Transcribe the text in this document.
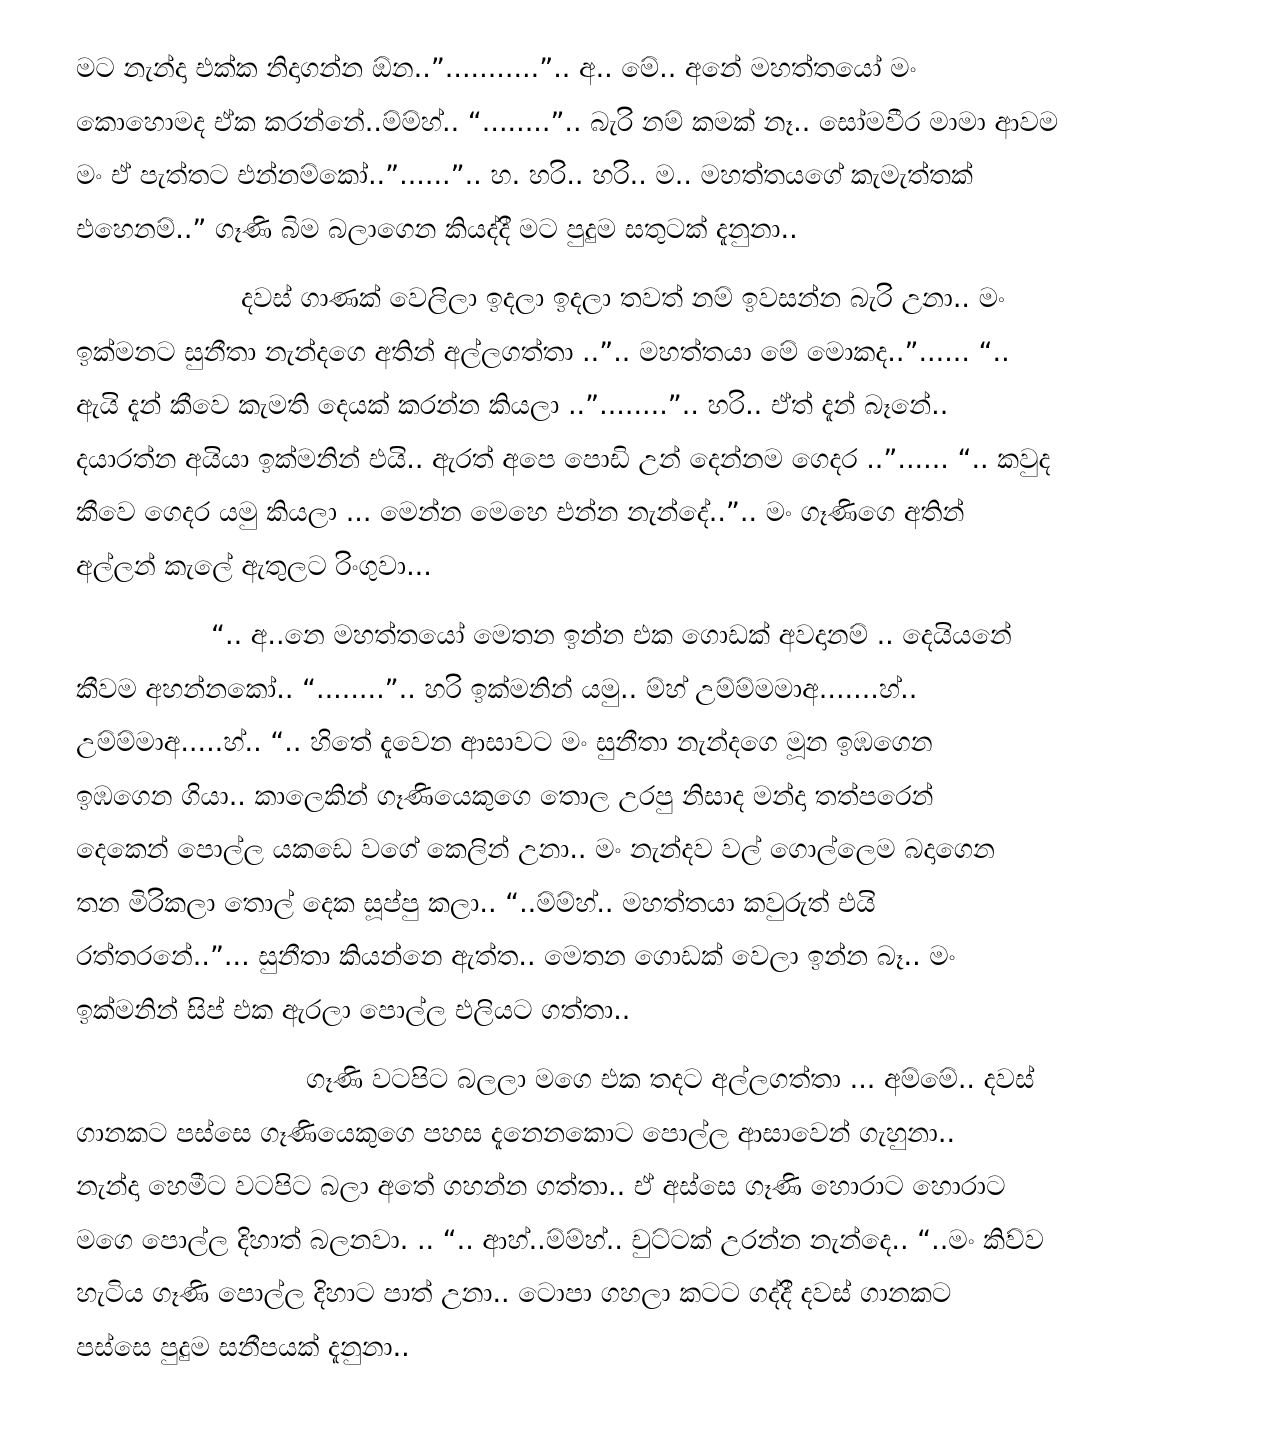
මට නැන්දා එක්ක නිදාගන්න ඕන..”...........”.. අ.. මේ.. අනේ මහත්තයෝ මං
කොහොමද ඒක කරන්නේ..ම්ම්හ්.. “........”.. බැරි නම් කමක් නෑ.. සෝමවීර මාමා ආවම
මං ඒ පැත්තට එන්නම්කෝ..”......”.. හ. හරි.. හරි.. ම.. මහත්තයගේ කැමැත්තක්
එහෙනම්..” ගෑණි බිම බලාගෙන කියද්දී මට පුදුම සතුටක් දැනුනා..
දවස් ගාණක් වෙලිලා ඉදලා ඉදලා තවත් නම් ඉවසන්න බැරි උනා.. මං
ඉක්මනට සුනීතා නැන්දගෙ අතින් අල්ලගත්තා ..”.. මහත්තයා මේ මොකද..”...... “..
ඇයි දැන් කීවෙ කැමති දෙයක් කරන්න කියලා ..”........”.. හරි.. ඒත් දැන් බෑනේ..
දයාරත්න අයියා ඉක්මනින් එයි.. ඇරත් අපෙ පොඩි උන් දෙන්නම ගෙදර ..”...... “.. කවුද
කීවෙ ගෙදර යමු කියලා ... මෙන්න මෙහෙ එන්න නැන්දේ..”.. මං ගෑණිගෙ අතින්
අල්ලන් කැලේ ඇතුලට රිංගුවා...
“.. අ..නෙ මහත්තයෝ මෙතන ඉන්න එක ගොඩක් අවදානම් .. දෙයියනේ
කීවම අහන්නකෝ.. “........”.. හරි ඉක්මනින් යමු.. ම්හ් උම්ම්මමාඅ.......හ්..
උම්ම්මාඅ.....හ්.. “.. හිතේ දැවෙන ආසාවට මං සුනීතා නැන්දගෙ මූන ඉඹගෙන
ඉඹගෙන ගියා.. කාලෙකින් ගෑණියෙකුගෙ තොල උරපු නිසාද මන්දා තත්පරෙන්
දෙකෙන් පොල්ල යකඩෙ වගේ කෙලින් උනා.. මං නැන්දව වල් ගොල්ලෙම බදාගෙන
තන මිරිකලා තොල් දෙක සූප්පු කලා.. “..ම්ම්හ්.. මහත්තයා කවුරුත් එයි
රත්තරනේ..”... සුනීතා කියන්නෙ ඇත්ත.. මෙතන ගොඩක් වෙලා ඉන්න බෑ.. මං
ඉක්මනින් සිප් එක ඇරලා පොල්ල එලියට ගත්තා..
ගෑණි වටපිට බලලා මගෙ එක තදට අල්ලගත්තා ... අම්මේ.. දවස්
ගානකට පස්සෙ ගෑණියෙකුගෙ පහස දැනෙනකොට පොල්ල ආසාවෙන් ගැහුනා..
නැන්දා හෙමීට වටපිට බලා අතේ ගහන්න ගත්තා.. ඒ අස්සෙ ගෑණි හොරාට හොරාට
මගෙ පොල්ල දිහාත් බලනවා. .. “.. ආහ්..ම්ම්හ්.. චුට්ටක් උරන්න නැන්දෙ.. “..මං කිව්ව
හැටිය ගෑණි පොල්ල දිහාට පාත් උනා.. ටොපා ගහලා කටට ගද්දී දවස් ගානකට
පස්සෙ පුදුම සනීපයක් දැනුනා..
